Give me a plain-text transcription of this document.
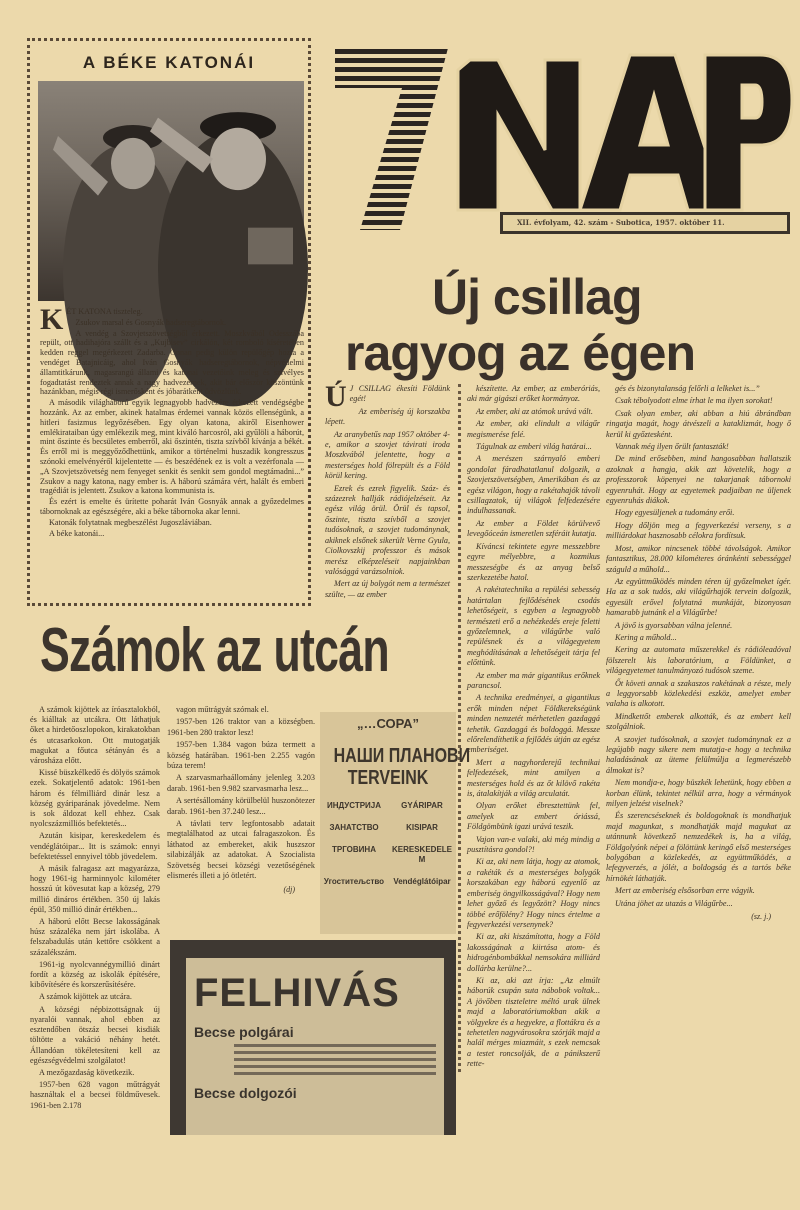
A BÉKE KATONÁI
K ÉT KATONA tiszteleg.

Zsukov marsal és Gosnyák hadseregtábornok.

A vendég a Szovjetszövetségből érkezett. Moszkvából Odesszába repült, ott hadihajóra szállt és a „Kujbisev” cirkálón, két romboló kíséretében kedden reggel megérkezett Zadarba. Onnan pedig külön repülőgép hozta a vendéget Batajnicáig, ahol Iván Gosnyák hadseregtábornok, népvédelmi államtitkárunk, magasrangú állami és katonai vezetőink meleg és szívélyes fogadtatást rendeztek annak a nagy hadvezérnek, akit bár először köszöntünk hazánkban, mégis régi ismerősként és jóbarátként üdvözlünk.

A második világháború egyik legnagyobb hadvezére érkezett vendégségbe hozzánk. Az az ember, akinek hatalmas érdemei vannak közös ellenségünk, a hitleri fasizmus legyőzésében. Egy olyan katona, akiről Eisenhower emlékirataiban úgy emlékezik meg, mint kiváló harcosról, aki gyűlöli a háborút, mint őszinte és becsületes emberről, aki őszintén, tiszta szívből kívánja a békét. És erről mi is meggyőződhettünk, amikor a történelmi huszadik kongresszus szónoki emelvényéről kijelentette — és beszédének ez is volt a vezérfonala — „A Szovjetszövetség nem fenyeget senkit és senkit sem gondol megtámadni...” Zsukov a nagy katona, nagy ember is. A háború számára vért, halált és emberi tragédiát is jelentett. Zsukov a katona kommunista is.

És ezért is emelte és ürítette poharát Iván Gosnyák annak a győzedelmes tábornoknak az egészségére, aki a béke tábornoka akar lenni.

Katonák folytatnak megbeszélést Jugoszláviában.

A béke katonái...

XII. évfolyam, 42. szám - Subotica, 1957. október 11.
Új csillag
ragyog az égen
Ú J CSILLAG ékesíti Földünk egét!

Az emberiség új korszakba lépett.

Az aranybetűs nap 1957 október 4-e, amikor a szovjet távirati iroda Moszkvából jelentette, hogy a mesterséges hold fölrepült és a Föld körül kering.

Ezrek és ezrek figyelik. Száz- és százezrek hallják rádiójelzéseit. Az egész világ örül. Örül és tapsol, őszinte, tiszta szívből a szovjet tudósoknak, a szovjet tudománynak, akiknek elsőnek sikerült Verne Gyula, Ciolkovszkij professzor és mások merész elképzeléseit napjainkban valósággá varázsolniok.

Mert az új bolygót nem a természet szülte, — az ember

készítette. Az ember, az emberóriás, aki már gigászi erőket kormányoz.

Az ember, aki az atómok urává vált.

Az ember, aki elindult a világűr megismerése felé.

Tágulnak az emberi világ határai...

A merészen szárnyaló emberi gondolat fáradhatatlanul dolgozik, a Szovjetszövetségben, Amerikában és az egész világon, hogy a rakétahajók távoli csillagzatok, új világok felfedezésére indulhassanak.

Az ember a Földet körülvevő levegőóceán ismeretlen szféráit kutatja.

Kíváncsi tekintete egyre messzebbre egyre mélyebbre, a kozmikus messzeségbe és az anyag belső szerkezetébe hatol.

A rakétatechnika a repülési sebesség határtalan fejlődésének csodás lehetőségeit, s egyben a legnagyobb természeti erő a nehézkedés ereje feletti győzelemnek, a világűrbe való repülésnek és a világegyetem meghódításának a lehetőségeit tárja fel előttünk.

Az ember ma már gigantikus erőknek parancsol.

A technika eredményei, a gigantikus erők minden népet Földkerekségünk minden nemzetét mérhetetlen gazdaggá tehetik. Gazdaggá és boldoggá. Messze előrelendíthetik a fejlődés útján az egész emberiséget.

Mert a nagyhorderejű technikai felfedezések, mint amilyen a mesterséges hold és az őt kilövő rakéta is, átalakítják a világ arculatát.

Olyan erőket ébresztettünk fel, amelyek az embert óriássá, Földgömbünk igazi urává teszik.

Vajon van-e valaki, aki még mindig a pusztításra gondol?!

Ki az, aki nem látja, hogy az atomok, a rakéták és a mesterséges bolygók korszakában egy háború egyenlő az emberiség öngyilkosságával? Hogy nem lehet győző és legyőzött? Hogy nincs többé erőfölény? Hogy nincs értelme a fegyverkezési versenynek?

Ki az, aki kiszámította, hogy a Föld lakosságának a kiirtása atom- és hidrogénbombákkal nemsokára milliárd dollárba kerülne?...

Ki az, aki azt írja: „Az elmúlt háborúk csupán suta nábobok voltak... A jövőben tiszteletre méltó urak ülnek majd a laboratóriumokban akik a völgyekre és a hegyekre, a flottákra és a tehetetlen nagyvárosokra szórják majd a halál mérges miazmáit, s ezek nemcsak a testet roncsolják, de a pánikszerű rette-

gés és bizonytalanság felőrli a lelkeket is...”

Csak tébolyodott elme írhat le ma ilyen sorokat!

Csak olyan ember, aki abban a hiú ábrándban ringatja magát, hogy átvészeli a kataklizmát, hogy ő kerül ki győztesként.

Vannak még ilyen őrült fantaszták!

De mind erősebben, mind hangosabban hallatszik azoknak a hangja, akik azt követelik, hogy a professzorok köpenyei ne takarjanak tábornoki egyenruhát. Hogy az egyetemek padjaiban ne üljenek egyenruhás diákok.

Hogy egyesüljenek a tudomány erői.

Hogy dőljön meg a fegyverkezési verseny, s a milliárdokat hasznosabb célokra fordítsuk.

Most, amikor nincsenek többé távolságok. Amikor fantasztikus, 28.000 kilométeres óránkénti sebességgel száguld a műhold...

Az együttműködés minden téren új győzelmeket ígér. Ha az a sok tudós, aki világűrhajók tervein dolgozik, egyesült erővel folytatná munkáját, bizonyosan hamarabb jutnánk el a Világűrbe!

A jövő is gyorsabban válna jelenné.

Kering a műhold...

Kering az automata műszerekkel és rádióleadóval fölszerelt kis laboratórium, a Földünket, a világegyetemet tanulmányozó tudósok szeme.

Őt követi annak a szakaszos rakétának a része, mely a leggyorsabb közlekedési eszköz, amelyet ember valaha is alkotott.

Mindkettőt emberek alkották, és az embert kell szolgálniok.

A szovjet tudósoknak, a szovjet tudománynak ez a legújabb nagy sikere nem mutatja-e hogy a technika haladásának az üteme felülmúlja a legmerészebb álmokat is?

Nem mondja-e, hogy büszkék lehetünk, hogy ebben a korban élünk, tekintet nélkül arra, hogy a vérmányok milyen jelzést viselnek?

És szerencséseknek és boldogoknak is mondhatjuk majd magunkat, s mondhatják majd magukat az utánnunk következő nemzedékek is, ha a világ, Földgolyónk népei a fölöttünk keringő első mesterséges bolygóban a közlekedés, az együttműködés, a lefegyverzés, a jólét, a boldogság és a tartós béke hírnökét láthatják.

Mert az emberiség elsősorban erre vágyik.

Utána jöhet az utazás a Világűrbe...

(sz. j.)
Számok az utcán

A számok kijöttek az íróasztalokból, és kiálltak az utcákra. Ott láthatjuk őket a hirdetőoszlopokon, kirakatokban és utcasarkokon. Ott mutogatják magukat a főutca sétányán és a városháza előtt.

Kissé büszkélkedő és dölyös számok ezek. Sokatjelentő adatok: 1961-ben három és félmilliárd dinár lesz a község gyáriparának jövedelme. Nem is sok áldozat kell ehhez. Csak nyolcszázmilliós befektetés...

Azután kisipar, kereskedelem és vendéglátóipar... Itt is számok: ennyi befektetéssel ennyivel több jövedelem.

A másik falragasz azt magyarázza, hogy 1961-ig harminnyolc kilométer hosszú út kövesutat kap a község, 279 millió dináros értékben. 350 új lakás épül, 350 millió dinár értékben...

A háború előtt Becse lakosságának húsz százaléka nem járt iskolába. A felszabadulás után kettőre csökkent a százalékszám.

1961-ig nyolcvannégymillió dinárt fordít a község az iskolák építésére, kibővítésére és korszerűsítésére.

A számok kijöttek az utcára.

A községi népbizottságnak új nyaralói vannak, ahol ebben az esztendőben ötszáz becsei kisdiák töltötte a vakáció néhány hetét. Állandóan tökéletesíteni kell az egészségvédelmi szolgálatot!

A mezőgazdaság következik.

1957-ben 628 vagon műtrágyát használtak el a becsei földművesek. 1961-ben 2.178

vagon műtrágyát szórnak el.

1957-ben 126 traktor van a községben. 1961-ben 280 traktor lesz!

1957-ben 1.384 vagon búza termett a község határában. 1961-ben 2.255 vagón búza terem!

A szarvasmarhaállomány jelenleg 3.203 darab. 1961-ben 9.982 szarvasmarha lesz...

A sertésállomány körülbelül huszonötezer darab. 1961-ben 37.240 lesz...

A távlati terv legfontosabb adatait megtalálhatod az utcai falragaszokon. És láthatod az embereket, akik huszszor silabizálják az adatokat. A Szocialista Szövetség becsei községi vezetőségének elismerés illeti a jó ötletért.

(dj)
„…СОРА”
НАШИ ПЛАНОВИ
TERVEINK
ИНДУСТРИЈА	GYÁRIPAR
ЗАНАТСТВО	KISIPAR
ТРГОВИНА	KERESKEDELEM
Угоститељство	Vendéglátóipar
FELHIVÁS
Becse polgárai
Becse dolgozói
